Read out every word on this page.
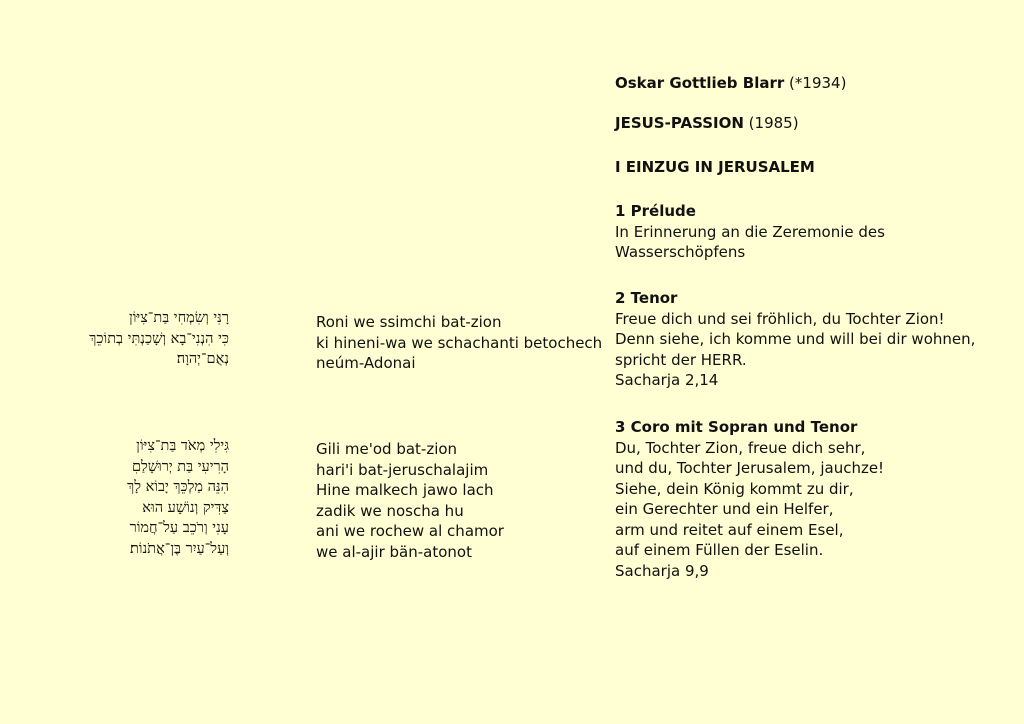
Oskar Gottlieb Blarr (*1934)
JESUS-PASSION (1985)
I EINZUG IN JERUSALEM
1 Prélude
In Erinnerung an die Zeremonie des
Wasserschöpfens
2 Tenor
Freue dich und sei fröhlich, du Tochter Zion!
Denn siehe, ich komme und will bei dir wohnen,
spricht der HERR.
Sacharja 2,14
Roni we ssimchi bat-zion
ki hineni-wa we schachanti betochech
neúm-Adonai
רָנִּי וְשִׂמְחִי בַּת־צִיּוֹן
כִּי הִנְנִי־בָא וְשָׁכַנְתִּי בְתוֹכֵךְ
נְאֻם־יְהוָה׃
3 Coro mit Sopran und Tenor
Du, Tochter Zion, freue dich sehr,
und du, Tochter Jerusalem, jauchze!
Siehe, dein König kommt zu dir,
ein Gerechter und ein Helfer,
arm und reitet auf einem Esel,
auf einem Füllen der Eselin.
Sacharja 9,9
Gili me'od bat-zion
hari'i bat-jeruschalajim
Hine malkech jawo lach
zadik we noscha hu
ani we rochew al chamor
we al-ajir bän-atonot
גִּילִי מְאֹד בַּת־צִיּוֹן
הָרִיעִי בַּת יְרוּשָׁלַםִ
הִנֵּה מַלְכֵּךְ יָבוֹא לָךְ
צַדִּיק וְנוֹשָׁע הוּא
עָנִי וְרֹכֵב עַל־חֲמוֹר
וְעַל־עַיִר בֶּן־אֲתֹנוֹת׃
